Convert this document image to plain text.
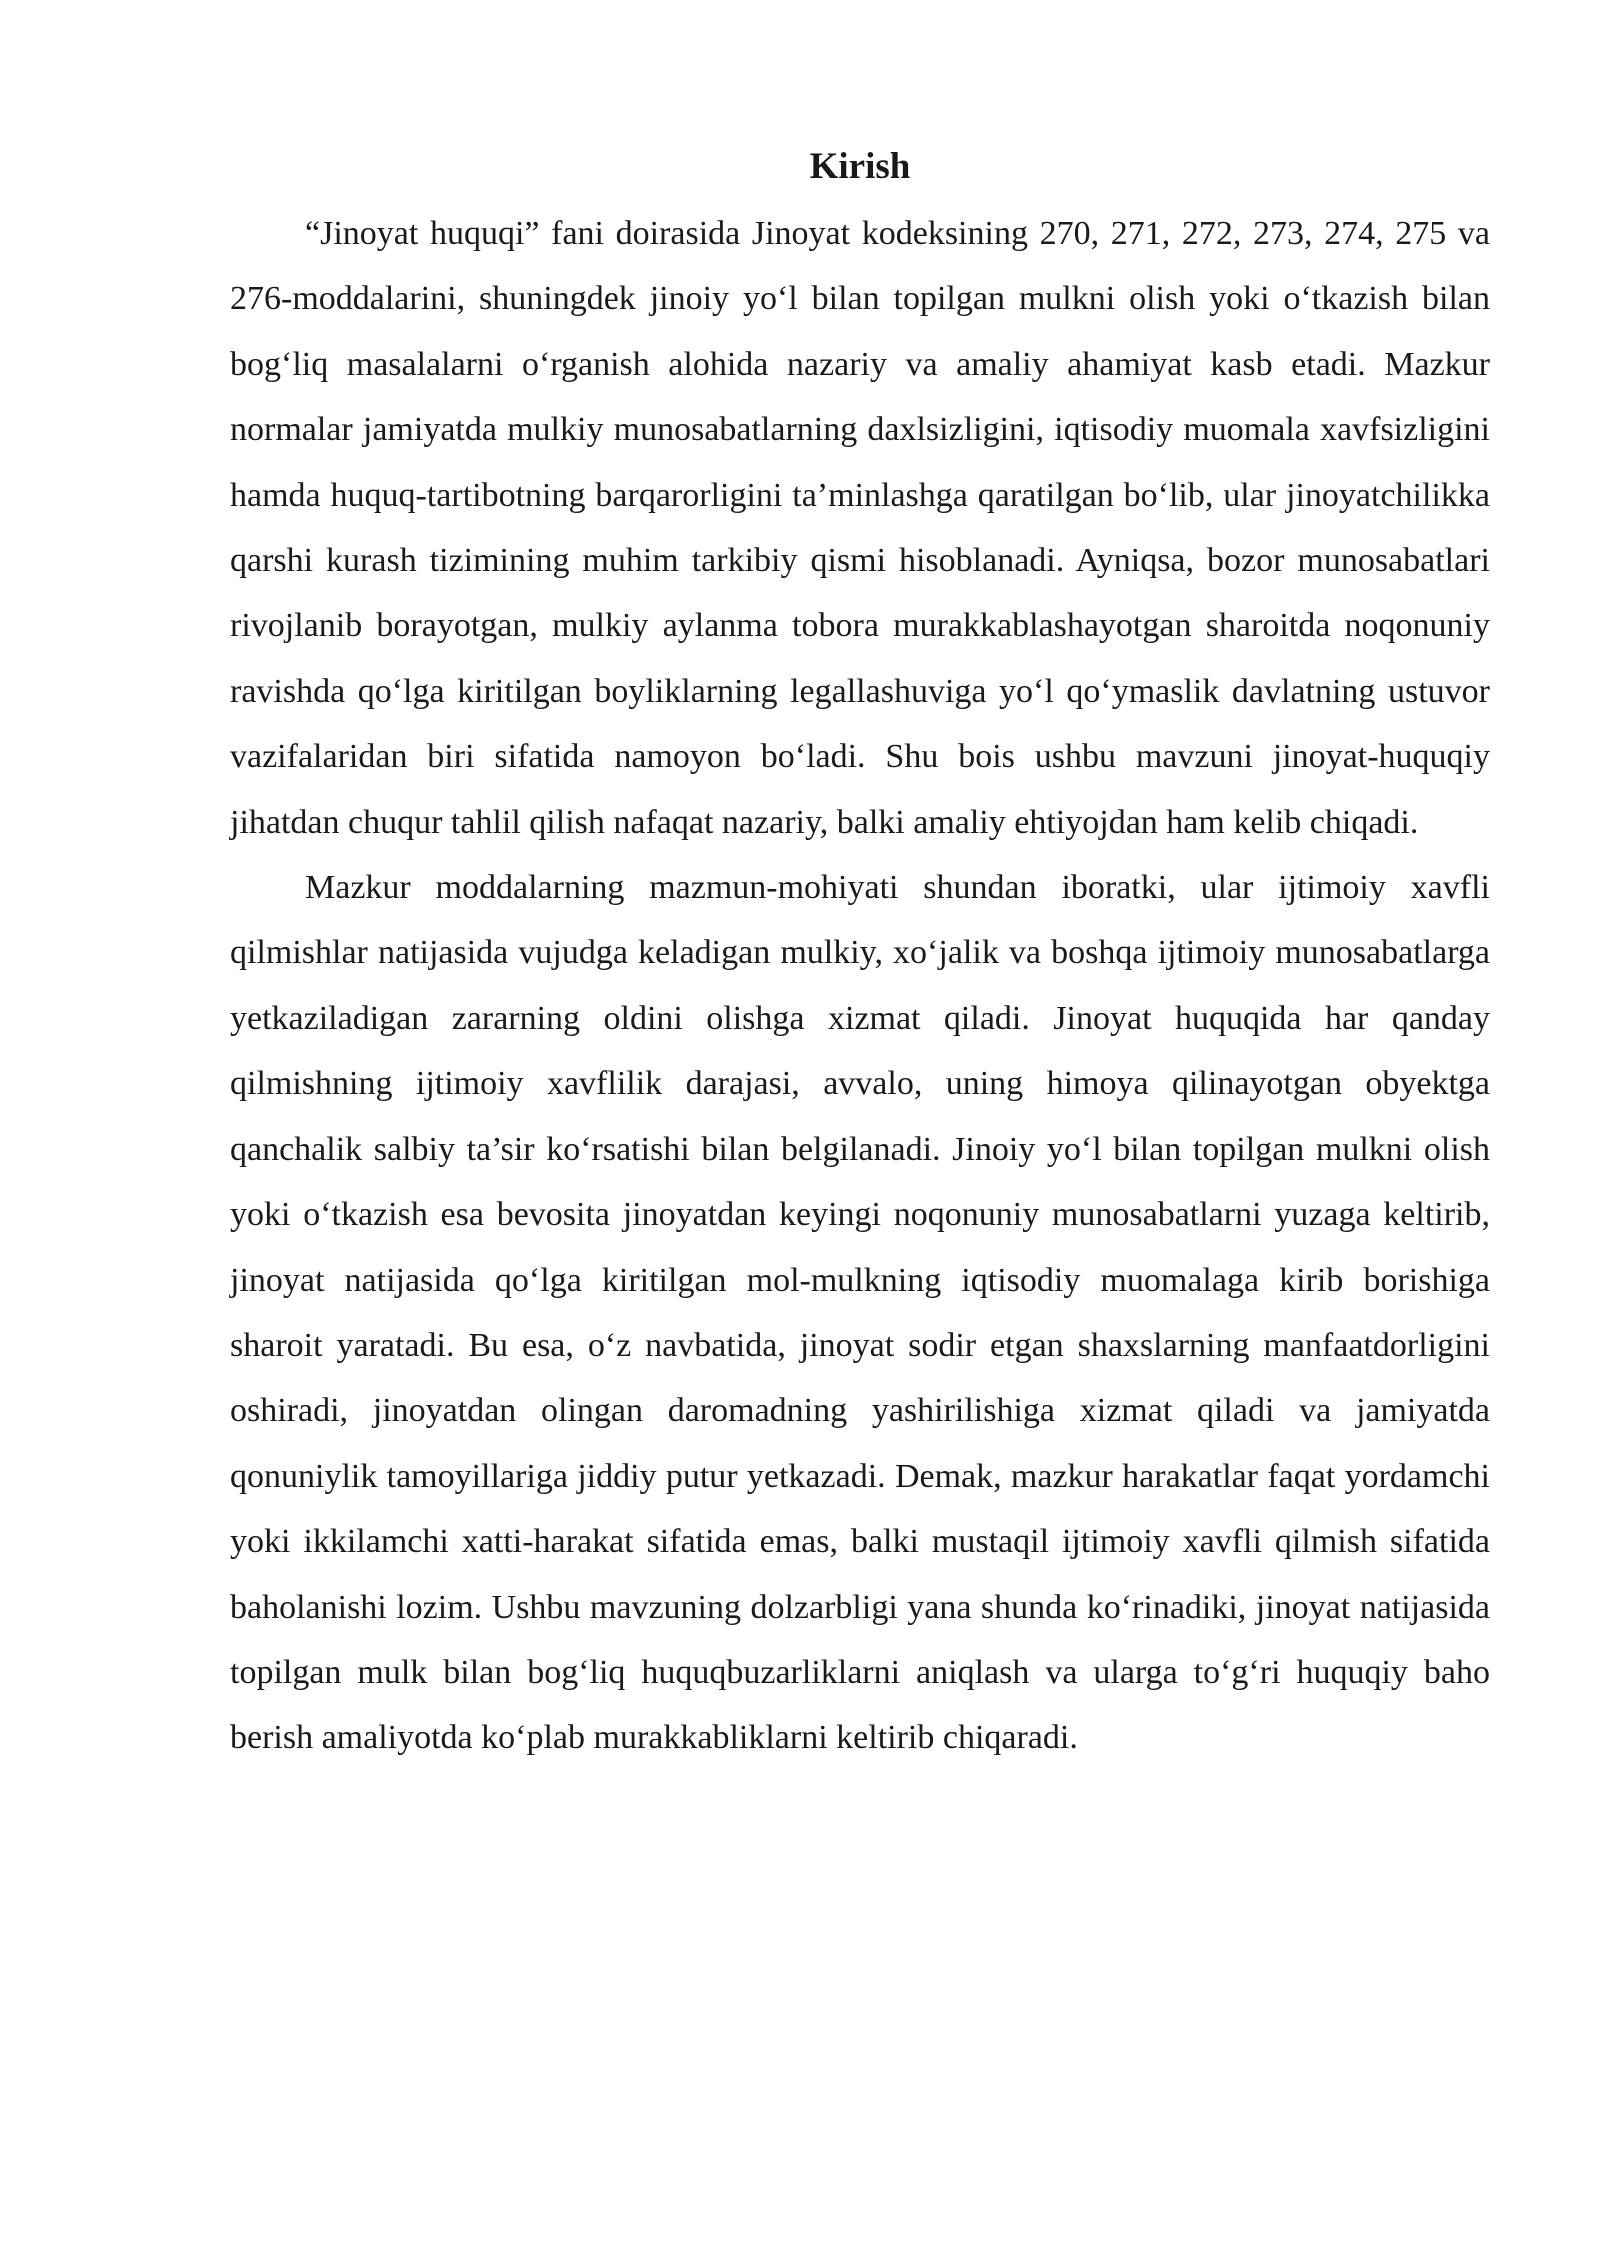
Kirish

“Jinoyat huquqi” fani doirasida Jinoyat kodeksining 270, 271, 272, 273, 274, 275 va 276-moddalarini, shuningdek jinoiy yo‘l bilan topilgan mulkni olish yoki o‘tkazish bilan bog‘liq masalalarni o‘rganish alohida nazariy va amaliy ahamiyat kasb etadi. Mazkur normalar jamiyatda mulkiy munosabatlarning daxlsizligini, iqtisodiy muomala xavfsizligini hamda huquq-tartibotning barqarorligini ta’minlashga qaratilgan bo‘lib, ular jinoyatchilikka qarshi kurash tizimining muhim tarkibiy qismi hisoblanadi. Ayniqsa, bozor munosabatlari rivojlanib borayotgan, mulkiy aylanma tobora murakkablashayotgan sharoitda noqonuniy ravishda qo‘lga kiritilgan boyliklarning legallashuviga yo‘l qo‘ymaslik davlatning ustuvor vazifalaridan biri sifatida namoyon bo‘ladi. Shu bois ushbu mavzuni jinoyat-huquqiy jihatdan chuqur tahlil qilish nafaqat nazariy, balki amaliy ehtiyojdan ham kelib chiqadi.

Mazkur moddalarning mazmun-mohiyati shundan iboratki, ular ijtimoiy xavfli qilmishlar natijasida vujudga keladigan mulkiy, xo‘jalik va boshqa ijtimoiy munosabatlarga yetkaziladigan zararning oldini olishga xizmat qiladi. Jinoyat huquqida har qanday qilmishning ijtimoiy xavflilik darajasi, avvalo, uning himoya qilinayotgan obyektga qanchalik salbiy ta’sir ko‘rsatishi bilan belgilanadi. Jinoiy yo‘l bilan topilgan mulkni olish yoki o‘tkazish esa bevosita jinoyatdan keyingi noqonuniy munosabatlarni yuzaga keltirib, jinoyat natijasida qo‘lga kiritilgan mol-mulkning iqtisodiy muomalaga kirib borishiga sharoit yaratadi. Bu esa, o‘z navbatida, jinoyat sodir etgan shaxslarning manfaatdorligini oshiradi, jinoyatdan olingan daromadning yashirilishiga xizmat qiladi va jamiyatda qonuniylik tamoyillariga jiddiy putur yetkazadi. Demak, mazkur harakatlar faqat yordamchi yoki ikkilamchi xatti-harakat sifatida emas, balki mustaqil ijtimoiy xavfli qilmish sifatida baholanishi lozim. Ushbu mavzuning dolzarbligi yana shunda ko‘rinadiki, jinoyat natijasida topilgan mulk bilan bog‘liq huquqbuzarliklarni aniqlash va ularga to‘g‘ri huquqiy baho berish amaliyotda ko‘plab murakkabliklarni keltirib chiqaradi.
